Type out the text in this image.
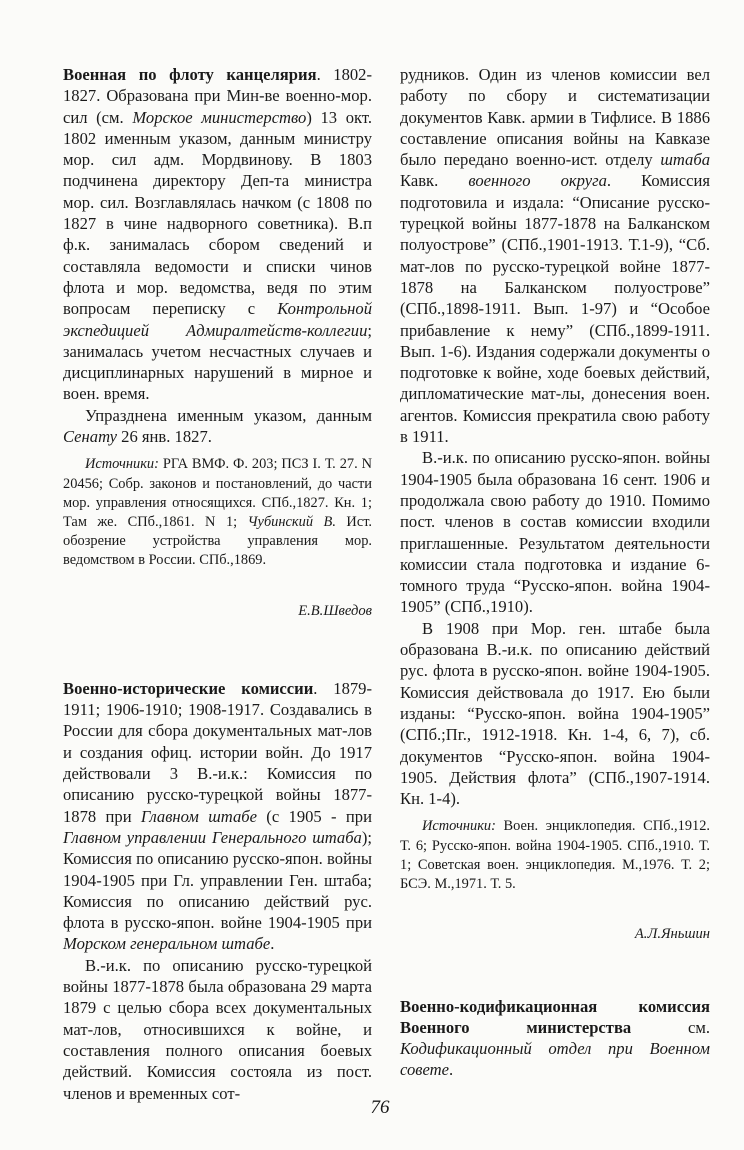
Военная по флоту канцелярия. 1802-1827. Образована при Мин-ве военно-мор. сил (см. Морское министерство) 13 окт. 1802 именным указом, данным министру мор. сил адм. Мордвинову. В 1803 подчинена директору Деп-та министра мор. сил. Возглавлялась начком (с 1808 по 1827 в чине надворного советника). В.п ф.к. занималась сбором сведений и составляла ведомости и списки чинов флота и мор. ведомства, ведя по этим вопросам переписку с Контрольной экспедицией Адмиралтейств-коллегии; занималась учетом несчастных случаев и дисциплинарных нарушений в мирное и воен. время.

Упразднена именным указом, данным Сенату 26 янв. 1827.

Источники: РГА ВМФ. Ф. 203; ПСЗ I. Т. 27. N 20456; Собр. законов и постановлений, до части мор. управления относящихся. СПб.,1827. Кн. 1; Там же. СПб.,1861. N 1; Чубинский В. Ист. обозрение устройства управления мор. ведомством в России. СПб.,1869.

Е.В.Шведов

Военно-исторические комиссии. 1879-1911; 1906-1910; 1908-1917. Создавались в России для сбора документальных мат-лов и создания офиц. истории войн. До 1917 действовали 3 В.-и.к.: Комиссия по описанию русско-турецкой войны 1877-1878 при Главном штабе (с 1905 - при Главном управлении Генерального штаба); Комиссия по описанию русско-япон. войны 1904-1905 при Гл. управлении Ген. штаба; Комиссия по описанию действий рус. флота в русско-япон. войне 1904-1905 при Морском генеральном штабе.

В.-и.к. по описанию русско-турецкой войны 1877-1878 была образована 29 марта 1879 с целью сбора всех документальных мат-лов, относившихся к войне, и составления полного описания боевых действий. Комиссия состояла из пост. членов и временных сот-

рудников. Один из членов комиссии вел работу по сбору и систематизации документов Кавк. армии в Тифлисе. В 1886 составление описания войны на Кавказе было передано военно-ист. отделу штаба Кавк. военного округа. Комиссия подготовила и издала: “Описание русско-турецкой войны 1877-1878 на Балканском полуострове” (СПб.,1901-1913. Т.1-9), “Сб. мат-лов по русско-турецкой войне 1877-1878 на Балканском полуострове” (СПб.,1898-1911. Вып. 1-97) и “Особое прибавление к нему” (СПб.,1899-1911. Вып. 1-6). Издания содержали документы о подготовке к войне, ходе боевых действий, дипломатические мат-лы, донесения воен. агентов. Комиссия прекратила свою работу в 1911.

В.-и.к. по описанию русско-япон. войны 1904-1905 была образована 16 сент. 1906 и продолжала свою работу до 1910. Помимо пост. членов в состав комиссии входили приглашенные. Результатом деятельности комиссии стала подготовка и издание 6-томного труда “Русско-япон. война 1904-1905” (СПб.,1910).

В 1908 при Мор. ген. штабе была образована В.-и.к. по описанию действий рус. флота в русско-япон. войне 1904-1905. Комиссия действовала до 1917. Ею были изданы: “Русско-япон. война 1904-1905” (СПб.;Пг., 1912-1918. Кн. 1-4, 6, 7), сб. документов “Русско-япон. война 1904-1905. Действия флота” (СПб.,1907-1914. Кн. 1-4).

Источники: Воен. энциклопедия. СПб.,1912. Т. 6; Русско-япон. война 1904-1905. СПб.,1910. Т. 1; Советская воен. энциклопедия. М.,1976. Т. 2; БСЭ. М.,1971. Т. 5.

А.Л.Яньшин

Военно-кодификационная комиссия Военного министерства см. Кодификационный отдел при Военном совете.

76
